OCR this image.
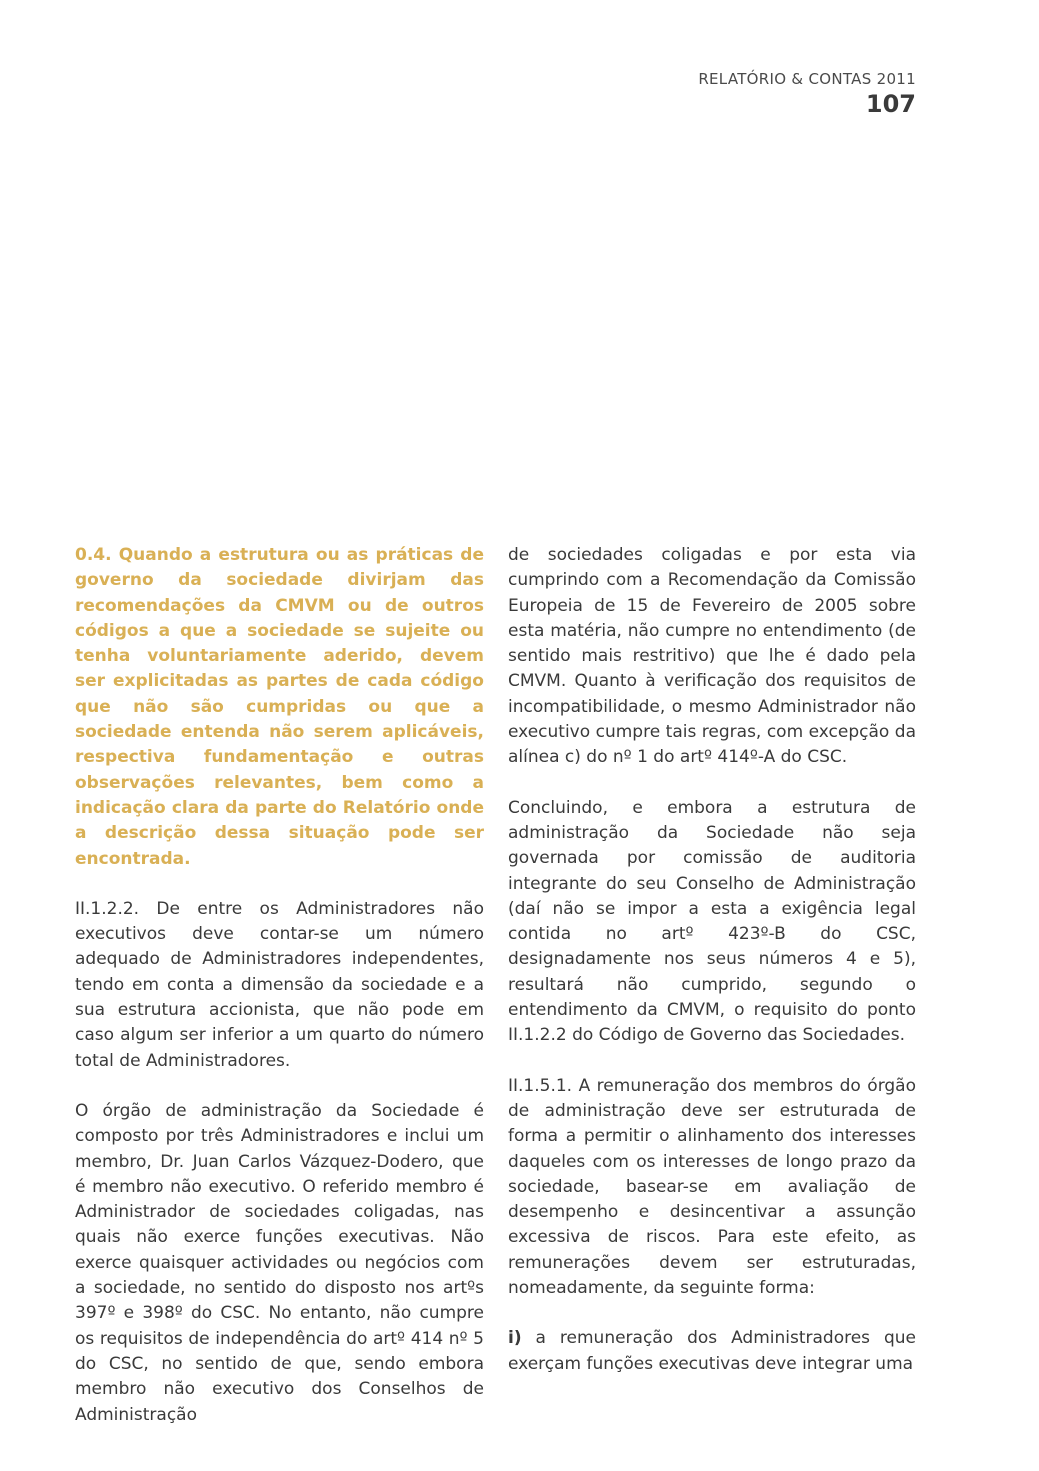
RELATÓRIO & CONTAS 2011
107

0.4. Quando a estrutura ou as práticas de governo da sociedade divirjam das recomendações da CMVM ou de outros códigos a que a sociedade se sujeite ou tenha voluntariamente aderido, devem ser explicitadas as partes de cada código que não são cumpridas ou que a sociedade entenda não serem aplicáveis, respectiva fundamentação e outras observações relevantes, bem como a indicação clara da parte do Relatório onde a descrição dessa situação pode ser encontrada.

II.1.2.2. De entre os Administradores não executivos deve contar-se um número adequado de Administradores independentes, tendo em conta a dimensão da sociedade e a sua estrutura accionista, que não pode em caso algum ser inferior a um quarto do número total de Administradores.

O órgão de administração da Sociedade é composto por três Administradores e inclui um membro, Dr. Juan Carlos Vázquez-Dodero, que é membro não executivo. O referido membro é Administrador de sociedades coligadas, nas quais não exerce funções executivas. Não exerce quaisquer actividades ou negócios com a sociedade, no sentido do disposto nos artºs 397º e 398º do CSC. No entanto, não cumpre os requisitos de independência do artº 414 nº 5 do CSC, no sentido de que, sendo embora membro não executivo dos Conselhos de Administração

de sociedades coligadas e por esta via cumprindo com a Recomendação da Comissão Europeia de 15 de Fevereiro de 2005 sobre esta matéria, não cumpre no entendimento (de sentido mais restritivo) que lhe é dado pela CMVM. Quanto à verificação dos requisitos de incompatibilidade, o mesmo Administrador não executivo cumpre tais regras, com excepção da alínea c) do nº 1 do artº 414º-A do CSC.

Concluindo, e embora a estrutura de administração da Sociedade não seja governada por comissão de auditoria integrante do seu Conselho de Administração (daí não se impor a esta a exigência legal contida no artº 423º-B do CSC, designadamente nos seus números 4 e 5), resultará não cumprido, segundo o entendimento da CMVM, o requisito do ponto II.1.2.2 do Código de Governo das Sociedades.

II.1.5.1. A remuneração dos membros do órgão de administração deve ser estruturada de forma a permitir o alinhamento dos interesses daqueles com os interesses de longo prazo da sociedade, basear-se em avaliação de desempenho e desincentivar a assunção excessiva de riscos. Para este efeito, as remunerações devem ser estruturadas, nomeadamente, da seguinte forma:

i) a remuneração dos Administradores que exerçam funções executivas deve integrar uma
